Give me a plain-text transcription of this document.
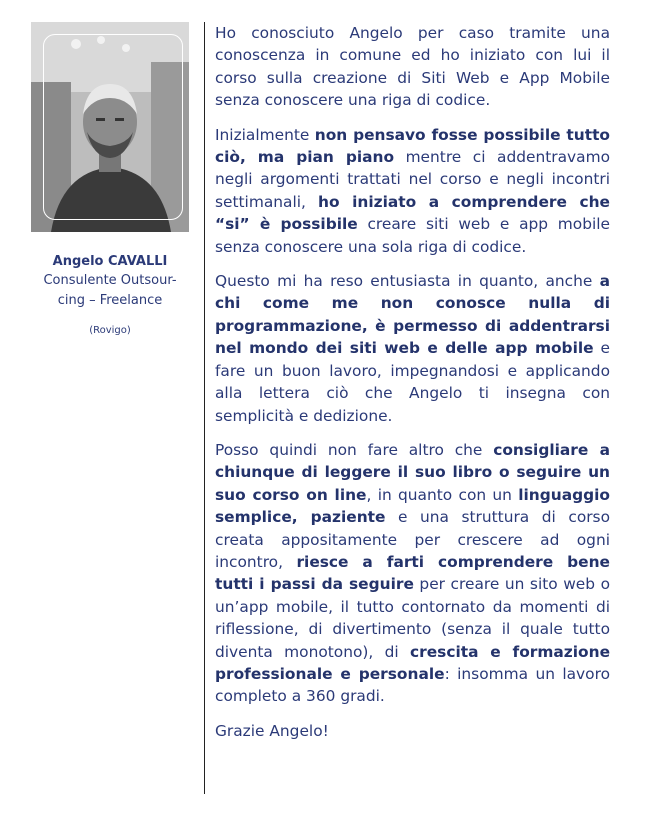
Angelo CAVALLI
Consulente Outsour-cing – Freelance
(Rovigo)

Ho conosciuto Angelo per caso tramite una conoscenza in comune ed ho iniziato con lui il corso sulla creazione di Siti Web e App Mobile senza conoscere una riga di codice.

Inizialmente non pensavo fosse possibile tutto ciò, ma pian piano mentre ci addentravamo negli argomenti trattati nel corso e negli incontri settimanali, ho iniziato a comprendere che “si” è possibile creare siti web e app mobile senza conoscere una sola riga di codice.

Questo mi ha reso entusiasta in quanto, anche a chi come me non conosce nulla di programmazione, è permesso di addentrarsi nel mondo dei siti web e delle app mobile e fare un buon lavoro, impegnandosi e applicando alla lettera ciò che Angelo ti insegna con semplicità e dedizione.

Posso quindi non fare altro che consigliare a chiunque di leggere il suo libro o seguire un suo corso on line, in quanto con un linguaggio semplice, paziente e una struttura di corso creata appositamente per crescere ad ogni incontro, riesce a farti comprendere bene tutti i passi da seguire per creare un sito web o un’app mobile, il tutto contornato da momenti di riflessione, di divertimento (senza il quale tutto diventa monotono), di crescita e formazione professionale e personale: insomma un lavoro completo a 360 gradi.

Grazie Angelo!
